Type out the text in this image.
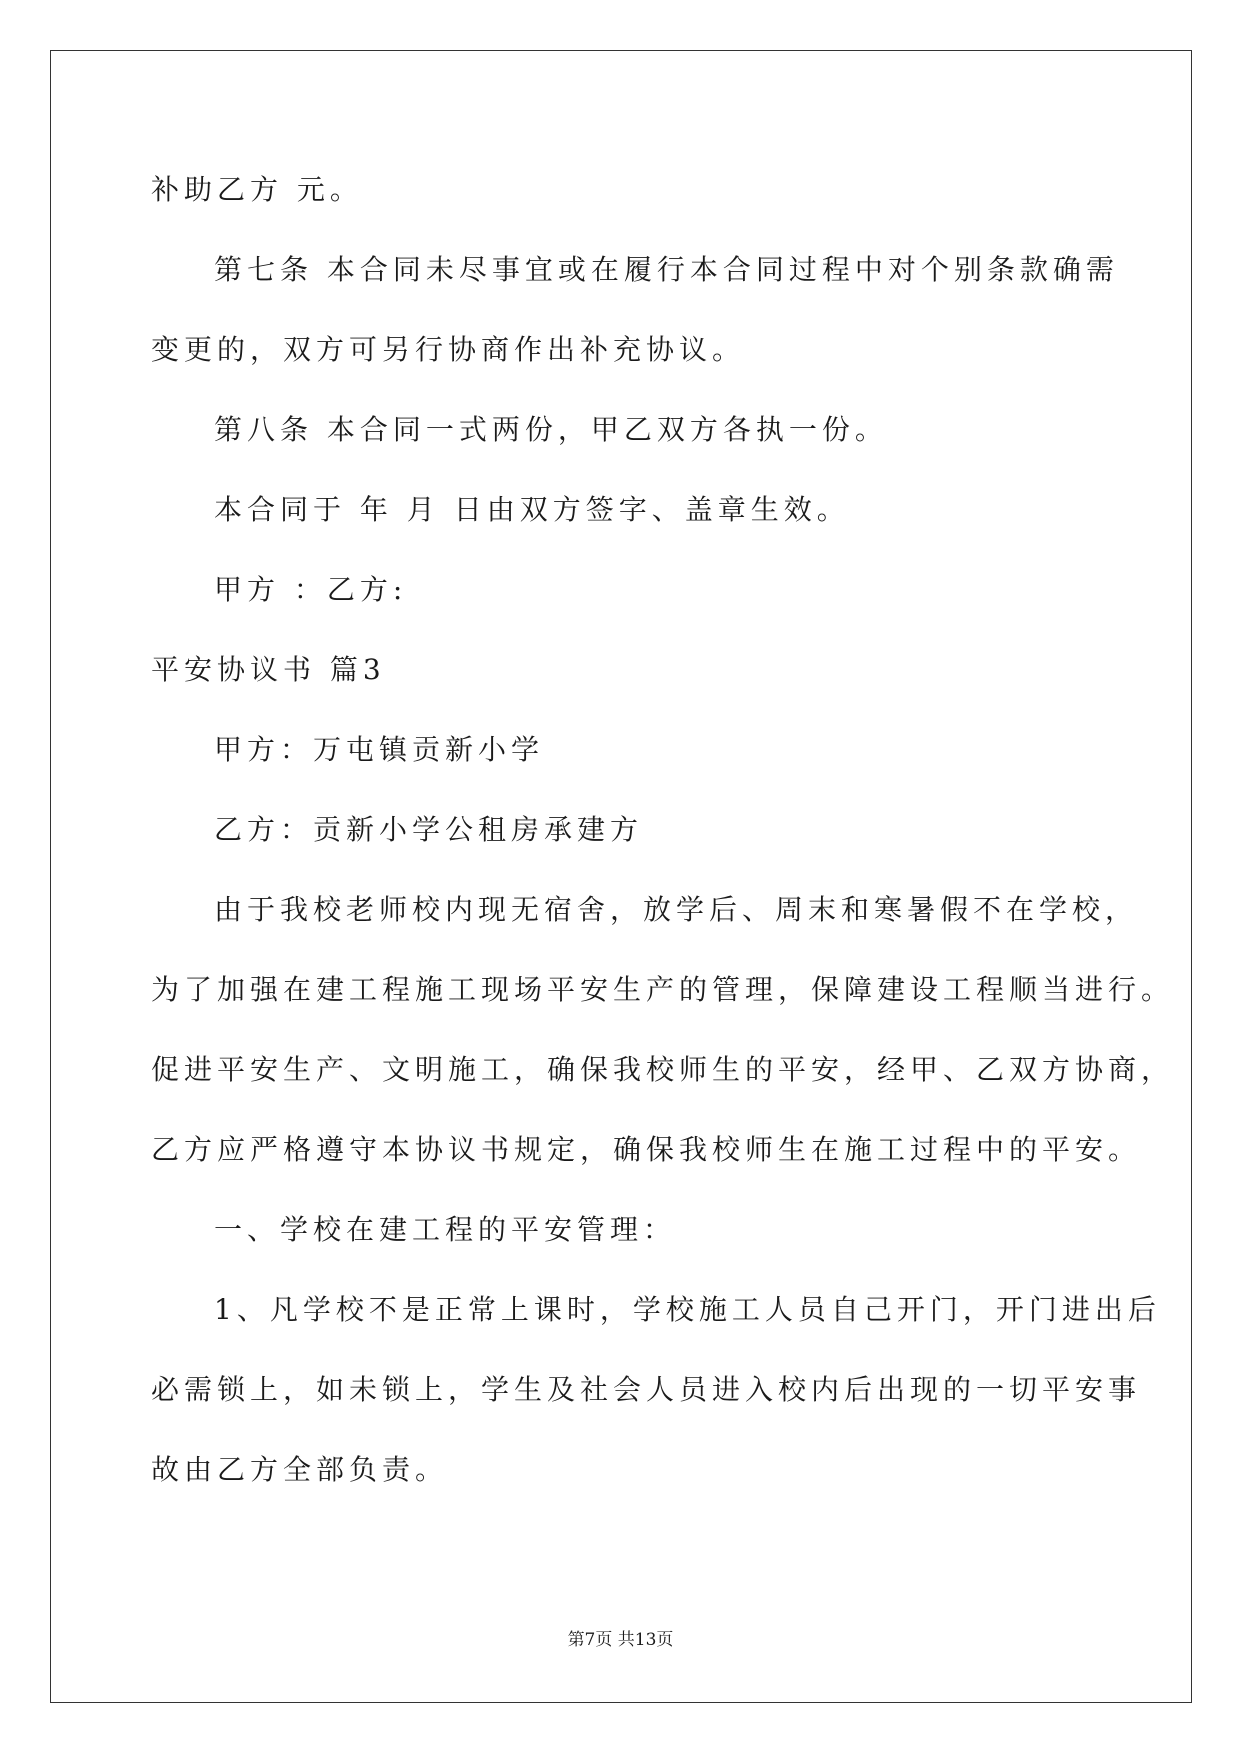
补助乙方 元。
第七条 本合同未尽事宜或在履行本合同过程中对个别条款确需
变更的，双方可另行协商作出补充协议。
第八条 本合同一式两份，甲乙双方各执一份。
本合同于 年 月 日由双方签字、盖章生效。
甲方 ：乙方:
平安协议书 篇3
甲方：万屯镇贡新小学
乙方：贡新小学公租房承建方
由于我校老师校内现无宿舍，放学后、周末和寒暑假不在学校，
为了加强在建工程施工现场平安生产的管理，保障建设工程顺当进行。
促进平安生产、文明施工，确保我校师生的平安，经甲、乙双方协商，
乙方应严格遵守本协议书规定，确保我校师生在施工过程中的平安。
一、学校在建工程的平安管理：
1、凡学校不是正常上课时，学校施工人员自己开门，开门进出后
必需锁上，如未锁上，学生及社会人员进入校内后出现的一切平安事
故由乙方全部负责。
第7页 共13页
